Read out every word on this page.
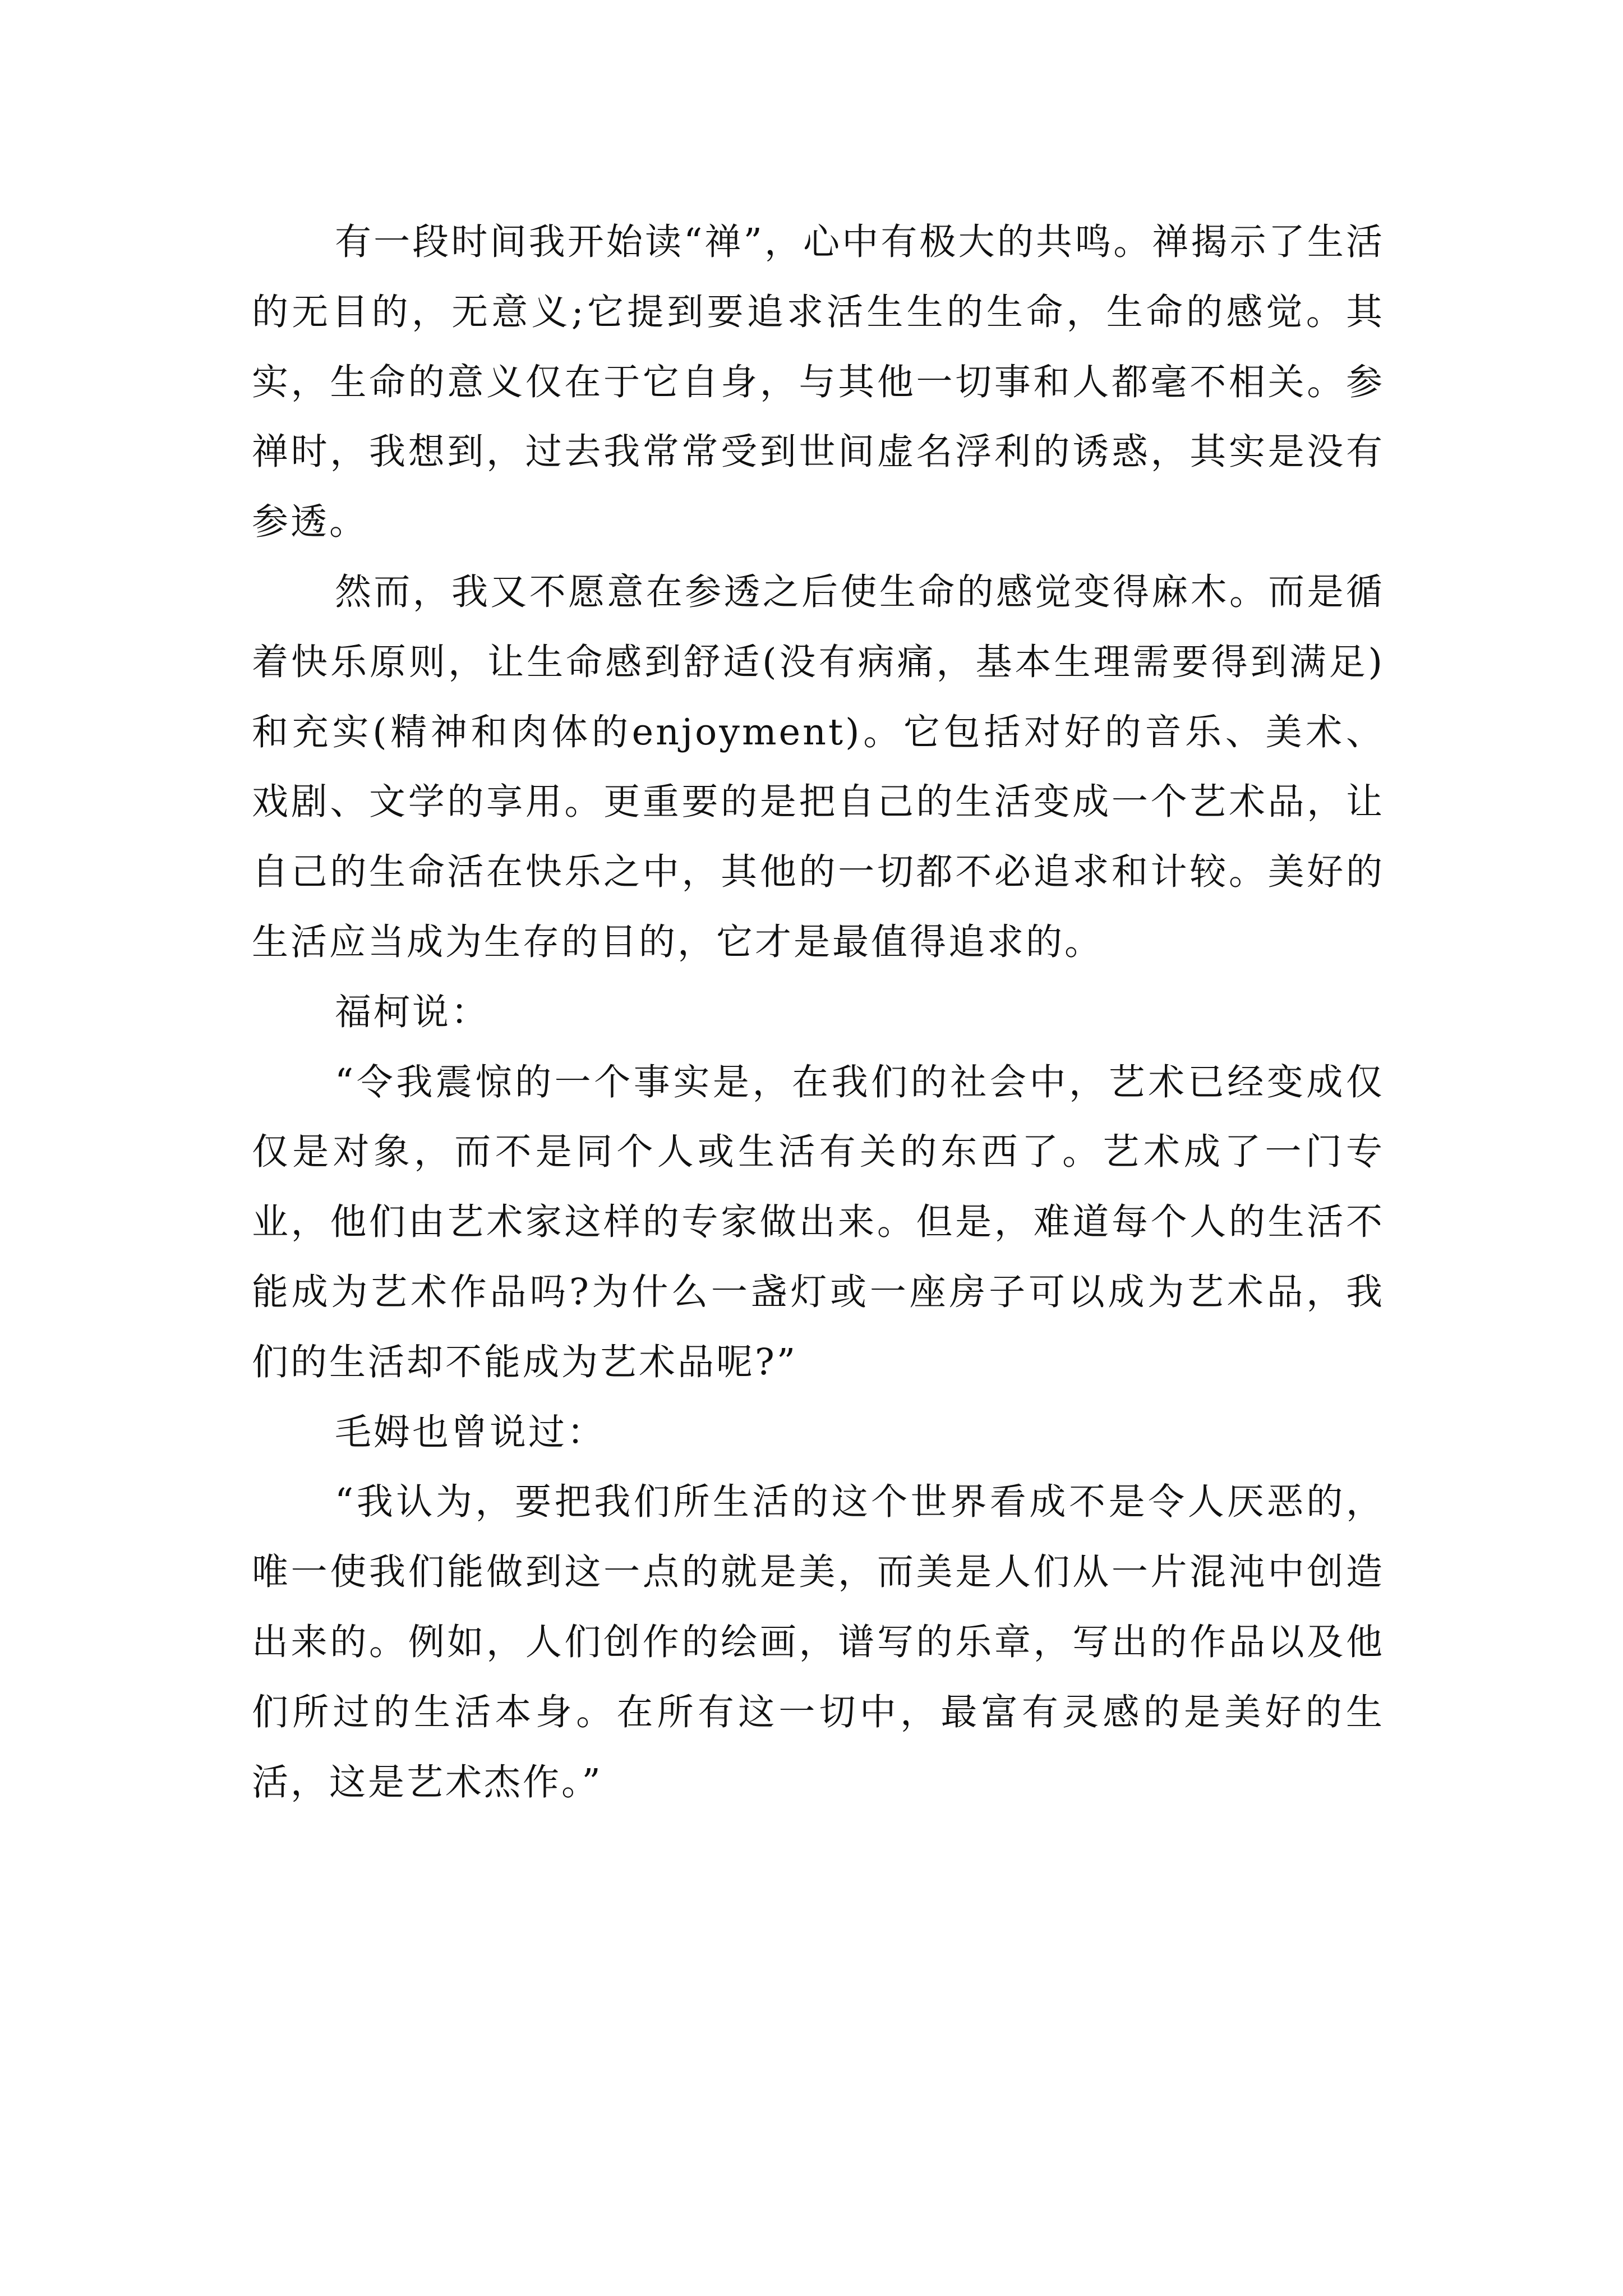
有一段时间我开始读“禅”，心中有极大的共鸣。禅揭示了生活的无目的，无意义;它提到要追求活生生的生命，生命的感觉。其实，生命的意义仅在于它自身，与其他一切事和人都毫不相关。参禅时，我想到，过去我常常受到世间虚名浮利的诱惑，其实是没有参透。

然而，我又不愿意在参透之后使生命的感觉变得麻木。而是循着快乐原则，让生命感到舒适(没有病痛，基本生理需要得到满足)和充实(精神和肉体的enjoyment)。它包括对好的音乐、美术、戏剧、文学的享用。更重要的是把自己的生活变成一个艺术品，让自己的生命活在快乐之中，其他的一切都不必追求和计较。美好的生活应当成为生存的目的，它才是最值得追求的。

福柯说：

“令我震惊的一个事实是，在我们的社会中，艺术已经变成仅仅是对象，而不是同个人或生活有关的东西了。艺术成了一门专业，他们由艺术家这样的专家做出来。但是，难道每个人的生活不能成为艺术作品吗?为什么一盏灯或一座房子可以成为艺术品，我们的生活却不能成为艺术品呢?”

毛姆也曾说过：

“我认为，要把我们所生活的这个世界看成不是令人厌恶的，唯一使我们能做到这一点的就是美，而美是人们从一片混沌中创造出来的。例如，人们创作的绘画，谱写的乐章，写出的作品以及他们所过的生活本身。在所有这一切中，最富有灵感的是美好的生活，这是艺术杰作。”
